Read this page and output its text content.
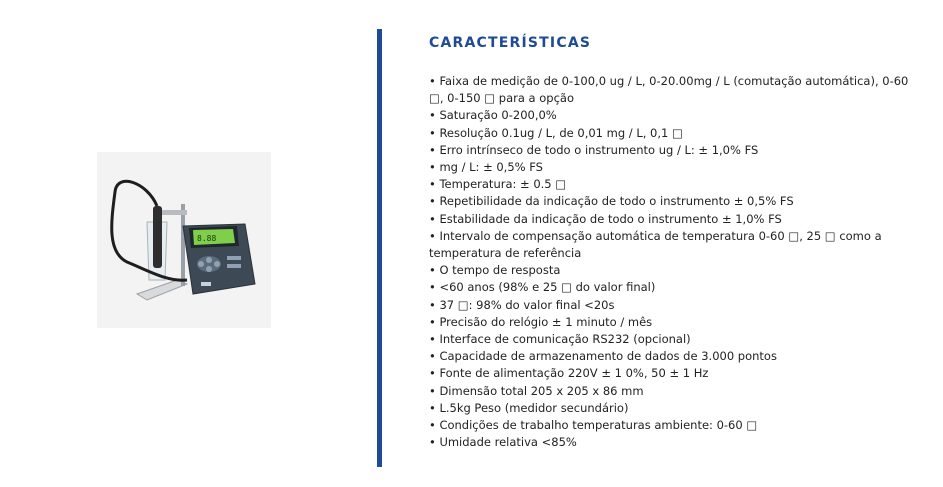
8.88
CARACTERÍSTICAS
• Faixa de medição de 0-100,0 ug / L, 0-20.00mg / L (comutação automática), 0-60 □, 0-150 □ para a opção
• Saturação 0-200,0%
• Resolução 0.1ug / L, de 0,01 mg / L, 0,1 □
• Erro intrínseco de todo o instrumento ug / L: ± 1,0% FS
• mg / L: ± 0,5% FS
• Temperatura: ± 0.5 □
• Repetibilidade da indicação de todo o instrumento ± 0,5% FS
• Estabilidade da indicação de todo o instrumento ± 1,0% FS
• Intervalo de compensação automática de temperatura 0-60 □, 25 □ como a temperatura de referência
• O tempo de resposta
• <60 anos (98% e 25 □ do valor final)
• 37 □: 98% do valor final <20s
• Precisão do relógio ± 1 minuto / mês
• Interface de comunicação RS232 (opcional)
• Capacidade de armazenamento de dados de 3.000 pontos
• Fonte de alimentação 220V ± 1 0%, 50 ± 1 Hz
• Dimensão total 205 x 205 x 86 mm
• L.5kg Peso (medidor secundário)
• Condições de trabalho temperaturas ambiente: 0-60 □
• Umidade relativa <85%
